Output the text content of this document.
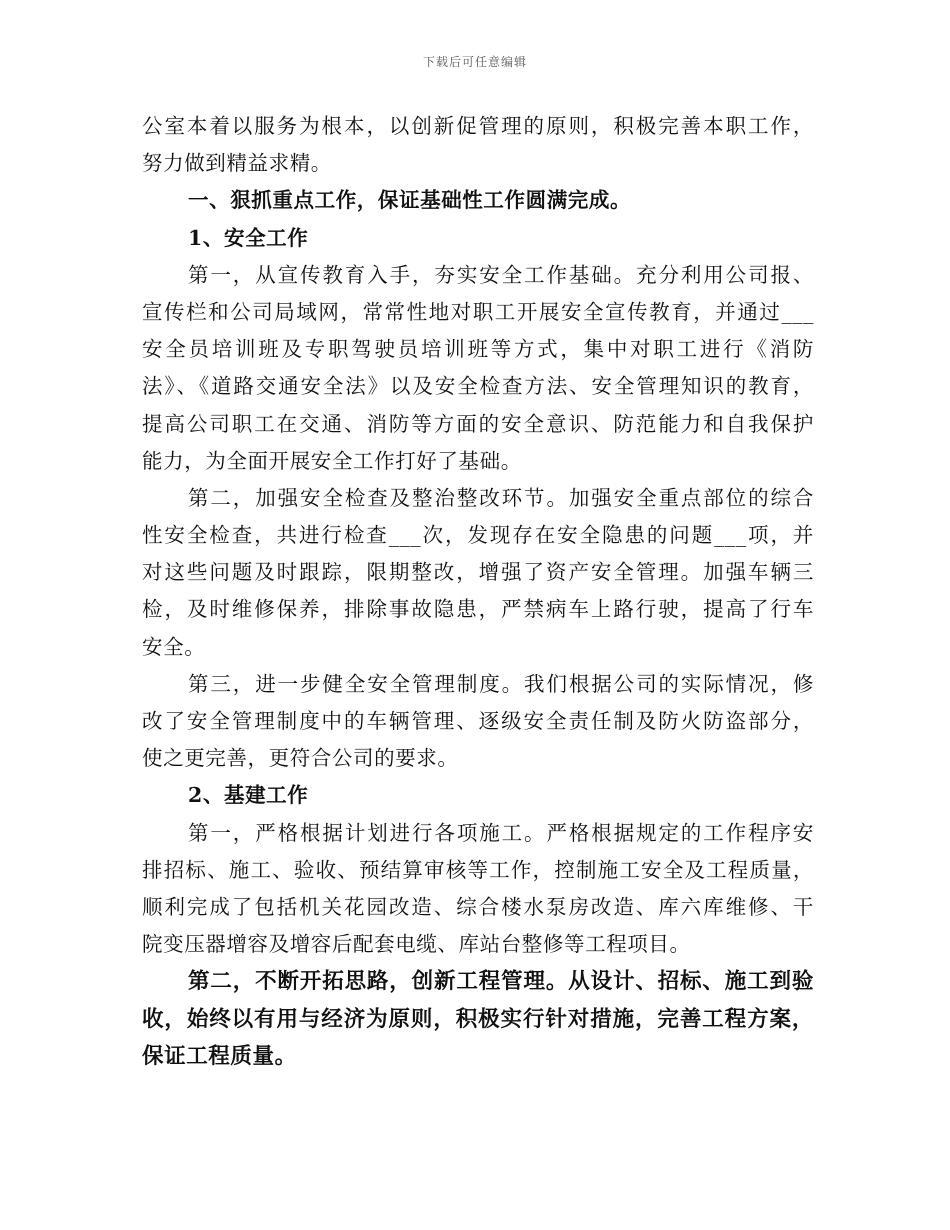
下载后可任意编辑
公室本着以服务为根本，以创新促管理的原则，积极完善本职工作，
努力做到精益求精。
一、狠抓重点工作，保证基础性工作圆满完成。
1、安全工作
第一，从宣传教育入手，夯实安全工作基础。充分利用公司报、
宣传栏和公司局域网，常常性地对职工开展安全宣传教育，并通过___
安全员培训班及专职驾驶员培训班等方式，集中对职工进行《消防
法》、《道路交通安全法》以及安全检查方法、安全管理知识的教育，
提高公司职工在交通、消防等方面的安全意识、防范能力和自我保护
能力，为全面开展安全工作打好了基础。
第二，加强安全检查及整治整改环节。加强安全重点部位的综合
性安全检查，共进行检查___次，发现存在安全隐患的问题___项，并
对这些问题及时跟踪，限期整改，增强了资产安全管理。加强车辆三
检，及时维修保养，排除事故隐患，严禁病车上路行驶，提高了行车
安全。
第三，进一步健全安全管理制度。我们根据公司的实际情况，修
改了安全管理制度中的车辆管理、逐级安全责任制及防火防盗部分，
使之更完善，更符合公司的要求。
2、基建工作
第一，严格根据计划进行各项施工。严格根据规定的工作程序安
排招标、施工、验收、预结算审核等工作，控制施工安全及工程质量，
顺利完成了包括机关花园改造、综合楼水泵房改造、库六库维修、干
院变压器增容及增容后配套电缆、库站台整修等工程项目。
第二，不断开拓思路，创新工程管理。从设计、招标、施工到验
收，始终以有用与经济为原则，积极实行针对措施，完善工程方案，
保证工程质量。
